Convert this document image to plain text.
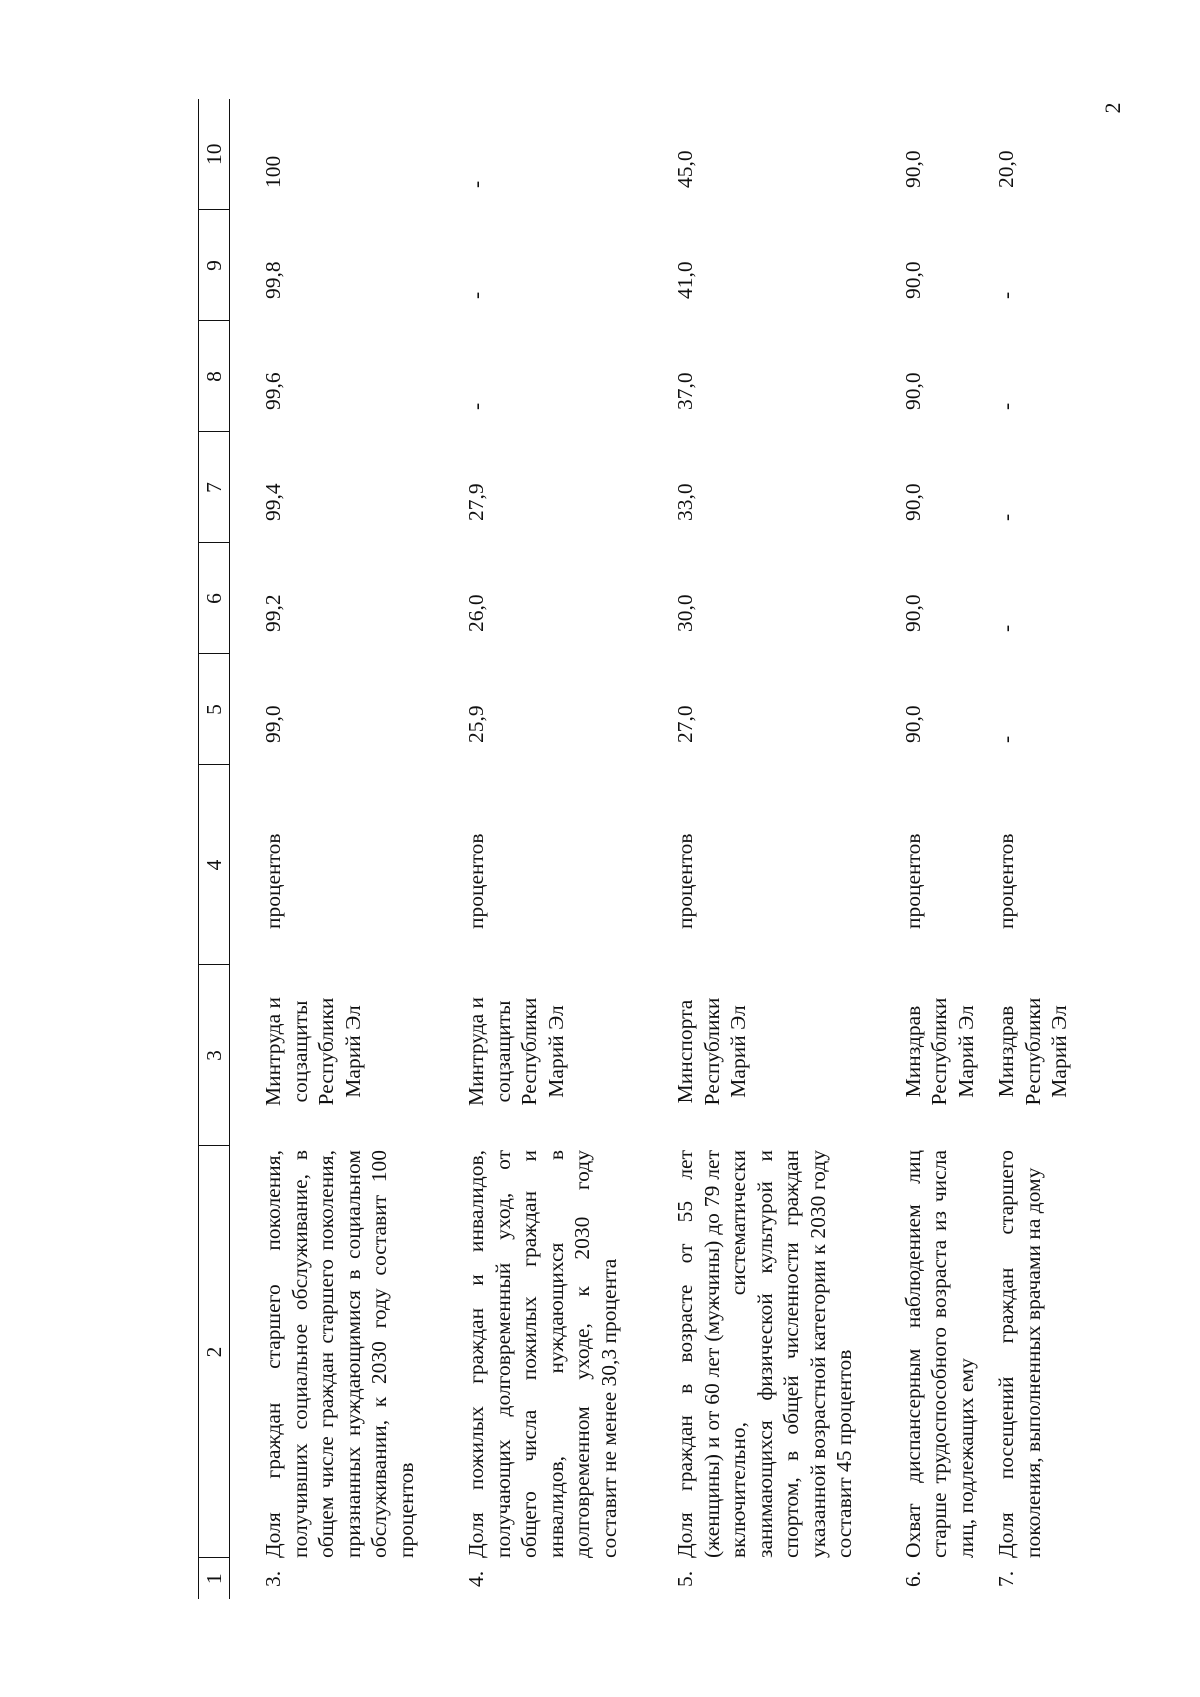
2
1	2	3	4	5	6	7	8	9	10
3.	Доля граждан старшего поколения, получивших социальное обслуживание, в общем числе граждан старшего поколения, признанных нуждающимися в социальном обслуживании, к 2030 году составит 100 процентов	Минтруда и соцзащиты Республики Марий Эл	процентов	99,0	99,2	99,4	99,6	99,8	100
4.	Доля пожилых граждан и инвалидов, получающих долговременный уход, от общего числа пожилых граждан и инвалидов, нуждающихся в долговременном уходе, к 2030 году составит не менее 30,3 процента	Минтруда и соцзащиты Республики Марий Эл	процентов	25,9	26,0	27,9	-	-	-
5.	Доля граждан в возрасте от 55 лет (женщины) и от 60 лет (мужчины) до 79 лет включительно, систематически занимающихся физической культурой и спортом, в общей численности граждан указанной возрастной категории к 2030 году составит 45 процентов	Минспорта Республики Марий Эл	процентов	27,0	30,0	33,0	37,0	41,0	45,0
6.	Охват диспансерным наблюдением лиц старше трудоспособного возраста из числа лиц, подлежащих ему	Минздрав Республики Марий Эл	процентов	90,0	90,0	90,0	90,0	90,0	90,0
7.	Доля посещений граждан старшего поколения, выполненных врачами на дому	Минздрав Республики Марий Эл	процентов	-	-	-	-	-	20,0
